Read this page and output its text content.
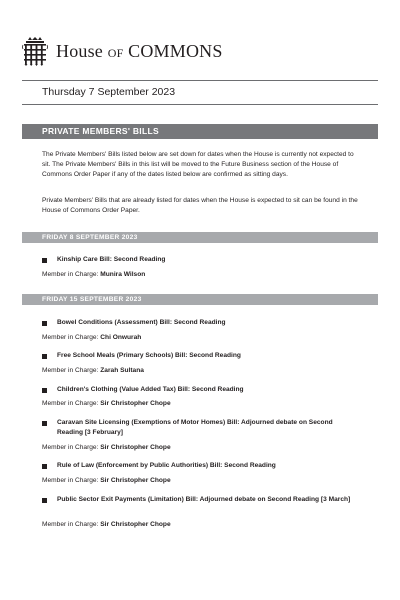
House OF COMMONS
Thursday 7 September 2023
PRIVATE MEMBERS' BILLS
The Private Members' Bills listed below are set down for dates when the House is currently not expected to sit. The Private Members' Bills in this list will be moved to the Future Business section of the House of Commons Order Paper if any of the dates listed below are confirmed as sitting days.
Private Members' Bills that are already listed for dates when the House is expected to sit can be found in the House of Commons Order Paper.
FRIDAY 8 SEPTEMBER 2023
Kinship Care Bill: Second Reading
Member in Charge: Munira Wilson
FRIDAY 15 SEPTEMBER 2023
Bowel Conditions (Assessment) Bill: Second Reading
Member in Charge: Chi Onwurah
Free School Meals (Primary Schools) Bill: Second Reading
Member in Charge: Zarah Sultana
Children's Clothing (Value Added Tax) Bill: Second Reading
Member in Charge: Sir Christopher Chope
Caravan Site Licensing (Exemptions of Motor Homes) Bill: Adjourned debate on Second Reading [3 February]
Member in Charge: Sir Christopher Chope
Rule of Law (Enforcement by Public Authorities) Bill: Second Reading
Member in Charge: Sir Christopher Chope
Public Sector Exit Payments (Limitation) Bill: Adjourned debate on Second Reading [3 March]
Member in Charge: Sir Christopher Chope
